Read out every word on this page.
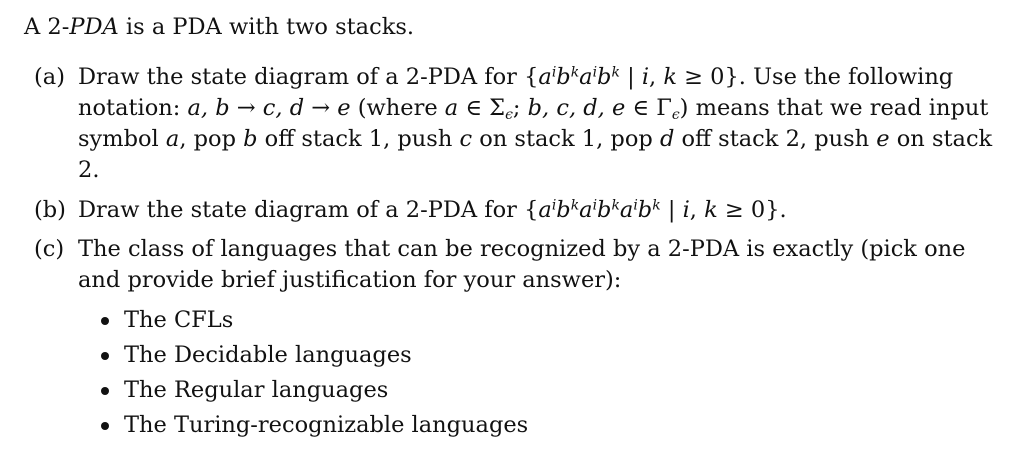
A 2-PDA is a PDA with two stacks.
(a) Draw the state diagram of a 2-PDA for {$a^ib^ka^ib^k$ | i, k ≥ 0}. Use the following
notation: a, b → c, d → e (where a ∈ $\Sigma_\epsilon$; b, c, d, e ∈ $\Gamma_\epsilon$) means that we read input
symbol a, pop b off stack 1, push c on stack 1, pop d off stack 2, push e on stack
2.
(b) Draw the state diagram of a 2-PDA for {$a^ib^ka^ib^ka^ib^k$ | i, k ≥ 0}.
(c) The class of languages that can be recognized by a 2-PDA is exactly (pick one
and provide brief justification for your answer):
The CFLs
The Decidable languages
The Regular languages
The Turing-recognizable languages
